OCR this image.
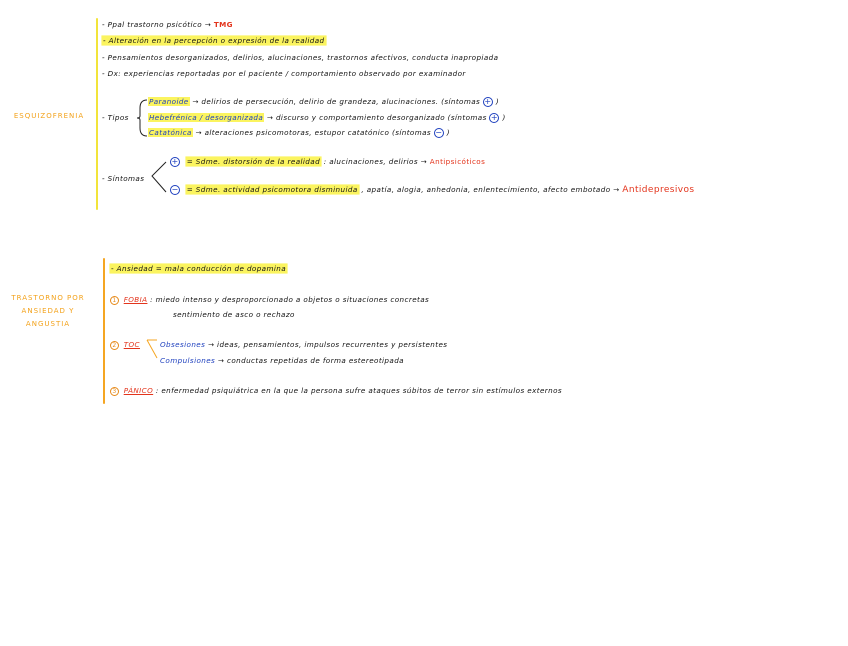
ESQUIZOFRENIA
- Ppal trastorno psicótico → TMG
- Alteración en la percepción o expresión de la realidad
- Pensamientos desorganizados, delirios, alucinaciones, trastornos afectivos, conducta inapropiada
- Dx: experiencias reportadas por el paciente / comportamiento observado por examinador
- Tipos
Paranoide → delirios de persecución, delirio de grandeza, alucinaciones. (síntomas + )
Hebefrénica / desorganizada → discurso y comportamiento desorganizado (síntomas + )
Catatónica → alteraciones psicomotoras, estupor catatónico (síntomas − )
- Síntomas
+ = Sdme. distorsión de la realidad : alucinaciones, delirios → Antipsicóticos
− = Sdme. actividad psicomotora disminuida , apatía, alogia, anhedonia, enlentecimiento, afecto embotado → Antidepresivos
TRASTORNO POR ANSIEDAD Y ANGUSTIA
- Ansiedad = mala conducción de dopamina
1 FOBIA : miedo intenso y desproporcionado a objetos o situaciones concretas
sentimiento de asco o rechazo
2 TOC	Obsesiones → ideas, pensamientos, impulsos recurrentes y persistentes
Compulsiones → conductas repetidas de forma estereotipada
3 PÁNICO : enfermedad psiquiátrica en la que la persona sufre ataques súbitos de terror sin estímulos externos
